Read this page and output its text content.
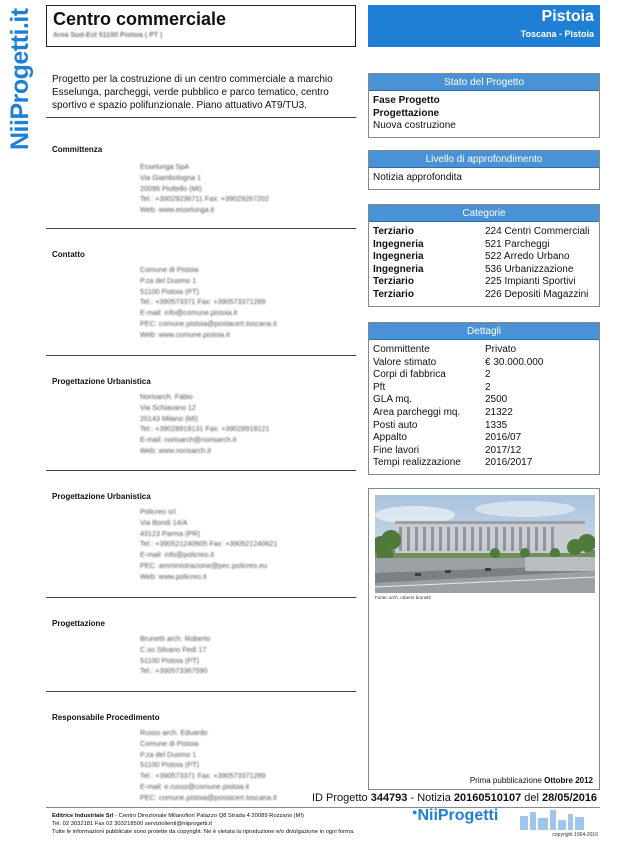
NiiProgetti.it Centro commerciale
Area Sud-Est 51100 Pistoia ( PT )
Pistoia
Toscana - Pistoia
Progetto per la costruzione di un centro commerciale a marchio Esselunga, parcheggi, verde pubblico e parco tematico, centro sportivo e spazio polifunzionale. Piano attuativo AT9/TU3.
Committenza
Esselunga SpA
Via Giambologna 1
20096 Pioltello (MI)
Tel.: +39029236711 Fax: +39029267202
Web: www.esselunga.it
Contatto
Comune di Pistoia
P.za del Duomo 1
51100 Pistoia (PT)
Tel.: +390573371 Fax: +390573371289
E-mail: info@comune.pistoia.it
PEC: comune.pistoia@postacert.toscana.it
Web: www.comune.pistoia.it
Progettazione Urbanistica
Norisarch. Fabio
Via Schiavano 12
20143 Milano (MI)
Tel.: +39028918131 Fax: +39028918121
E-mail: norisarch@norisarch.it
Web: www.norisarch.it
Progettazione Urbanistica
Policreo srl
Via Bondi 14/A
43123 Parma (PR)
Tel.: +390521240605 Fax: +390521240621
E-mail: info@policreo.it
PEC: amministrazione@pec.policreo.eu
Web: www.policreo.it
Progettazione
Brunetti arch. Roberto
C.so Silvano Fedi 17
51100 Pistoia (PT)
Tel.: +390573367590
Responsabile Procedimento
Russo arch. Eduardo
Comune di Pistoia
P.za del Duomo 1
51100 Pistoia (PT)
Tel.: +390573371 Fax: +390573371289
E-mail: e.russo@comune.pistoia.it
PEC: comune.pistoia@postacert.toscana.it
Stato del Progetto
Fase Progetto
Progettazione
Nuova costruzione
Livello di approfondimento
Notizia approfondita
Categorie
Terziario	224 Centri Commerciali
Ingegneria	521 Parcheggi
Ingegneria	522 Arredo Urbano
Ingegneria	536 Urbanizzazione
Terziario	225 Impianti Sportivi
Terziario	226 Depositi Magazzini
Dettagli
Committente	Privato
Valore stimato	€ 30.000.000
Corpi di fabbrica	2
Pft	2
GLA mq.	2500
Area parcheggi mq.	21322
Posti auto	1335
Appalto	2016/07
Fine lavori	2017/12
Tempi realizzazione	2016/2017
Fonte: arch. roberto brunetti
Prima pubblicazione Ottobre 2012
ID Progetto 344793 - Notizia 20160510107 del 28/05/2016
Editrice Industriale Srl - Centro Direzionale Milanofiori Palazzo Q8 Strada 4 20089 Rozzano (MI)
Tel. 02 3032181 Fax 02 303218500 serviziolienti@niiprogetti.it
Tutte le informazioni pubblicate sono protette da copyright. Ne è vietata la riproduzione e/o divulgazione in ogni forma.
●NiiProgetti
copyright 1964-2016
